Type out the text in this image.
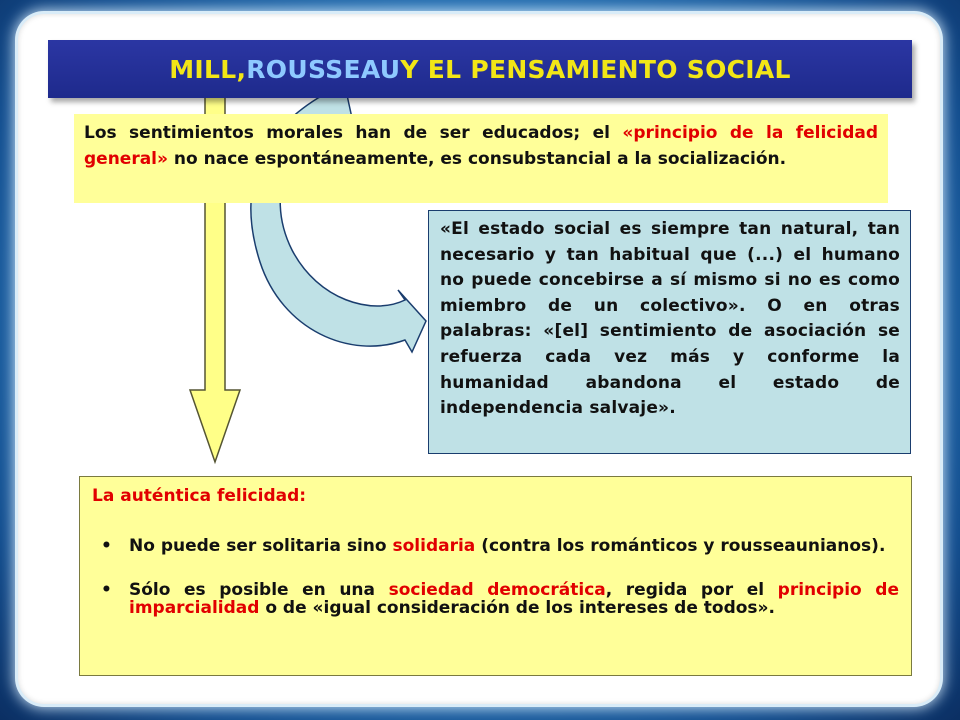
MILL, ROUSSEAU Y EL PENSAMIENTO SOCIAL
Los sentimientos morales han de ser educados; el «principio de la felicidad general» no nace espontáneamente, es consubstancial a la socialización.
«El estado social es siempre tan natural, tan necesario y tan habitual que (...) el humano no puede concebirse a sí mismo si no es como miembro de un colectivo». O en otras palabras: «[el] sentimiento de asociación se refuerza cada vez más y conforme la humanidad abandona el estado de independencia salvaje».

La auténtica felicidad:

• No puede ser solitaria sino solidaria (contra los románticos y rousseaunianos).
• Sólo es posible en una sociedad democrática, regida por el principio de imparcialidad o de «igual consideración de los intereses de todos».
